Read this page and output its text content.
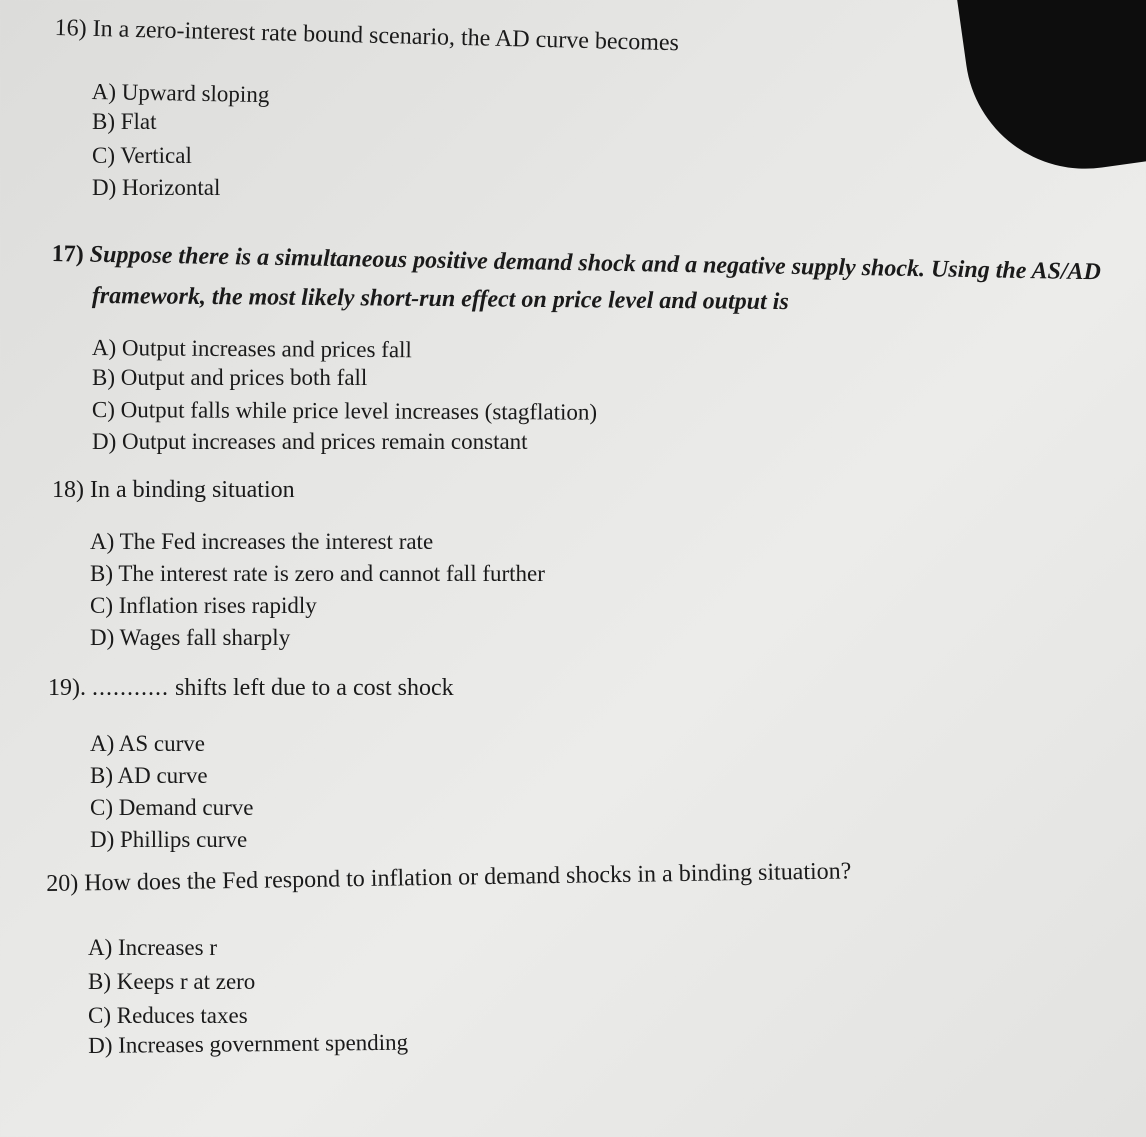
16) In a zero-interest rate bound scenario, the AD curve becomes

A) Upward sloping

B) Flat

C) Vertical

D) Horizontal

17) Suppose there is a simultaneous positive demand shock and a negative supply shock. Using the AS/AD

framework, the most likely short-run effect on price level and output is

A) Output increases and prices fall

B) Output and prices both fall

C) Output falls while price level increases (stagflation)

D) Output increases and prices remain constant

18) In a binding situation

A) The Fed increases the interest rate

B) The interest rate is zero and cannot fall further

C) Inflation rises rapidly

D) Wages fall sharply

19). ........... shifts left due to a cost shock

A) AS curve

B) AD curve

C) Demand curve

D) Phillips curve

20) How does the Fed respond to inflation or demand shocks in a binding situation?

A) Increases r

B) Keeps r at zero

C) Reduces taxes

D) Increases government spending
